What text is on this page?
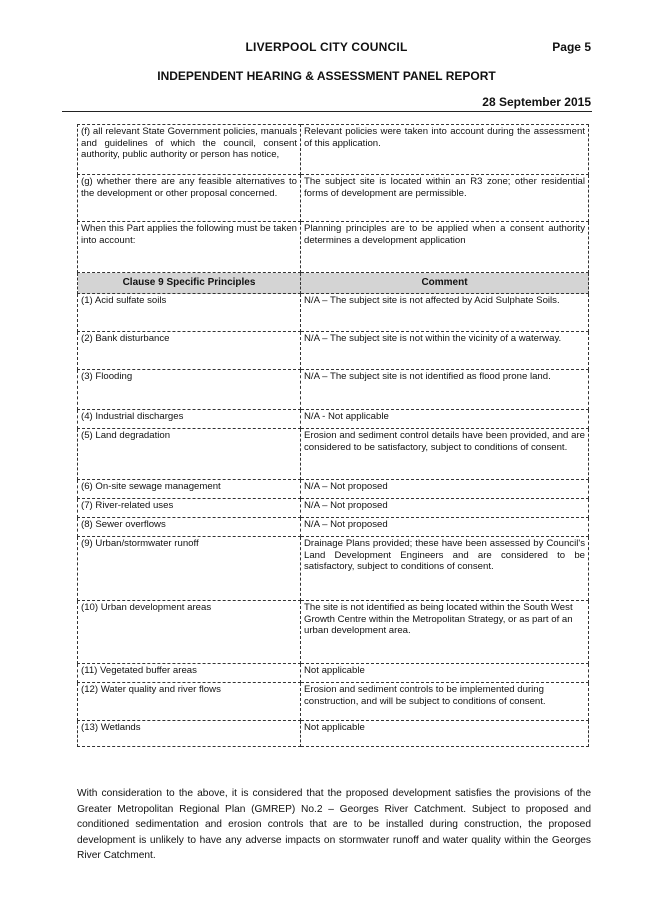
LIVERPOOL CITY COUNCIL	Page 5
INDEPENDENT HEARING & ASSESSMENT PANEL REPORT
28 September 2015
(f) all relevant State Government policies, manuals and guidelines of which the council, consent authority, public authority or person has notice,	Relevant policies were taken into account during the assessment of this application.
(g) whether there are any feasible alternatives to the development or other proposal concerned.	The subject site is located within an R3 zone; other residential forms of development are permissible.
When this Part applies the following must be taken into account:	Planning principles are to be applied when a consent authority determines a development application
Clause 9 Specific Principles	Comment
(1) Acid sulfate soils	N/A – The subject site is not affected by Acid Sulphate Soils.
(2) Bank disturbance	N/A – The subject site is not within the vicinity of a waterway.
(3) Flooding	N/A – The subject site is not identified as flood prone land.
(4) Industrial discharges	N/A - Not applicable
(5) Land degradation	Erosion and sediment control details have been provided, and are considered to be satisfactory, subject to conditions of consent.
(6) On-site sewage management	N/A – Not proposed
(7) River-related uses	N/A – Not proposed
(8) Sewer overflows	N/A – Not proposed
(9) Urban/stormwater runoff	Drainage Plans provided; these have been assessed by Council's Land Development Engineers and are considered to be satisfactory, subject to conditions of consent.
(10) Urban development areas	The site is not identified as being located within the South West Growth Centre within the Metropolitan Strategy, or as part of an urban development area.
(11) Vegetated buffer areas	Not applicable
(12) Water quality and river flows	Erosion and sediment controls to be implemented during construction, and will be subject to conditions of consent.
(13) Wetlands	Not applicable

With consideration to the above, it is considered that the proposed development satisfies the provisions of the Greater Metropolitan Regional Plan (GMREP) No.2 – Georges River Catchment. Subject to proposed and conditioned sedimentation and erosion controls that are to be installed during construction, the proposed development is unlikely to have any adverse impacts on stormwater runoff and water quality within the Georges River Catchment.
